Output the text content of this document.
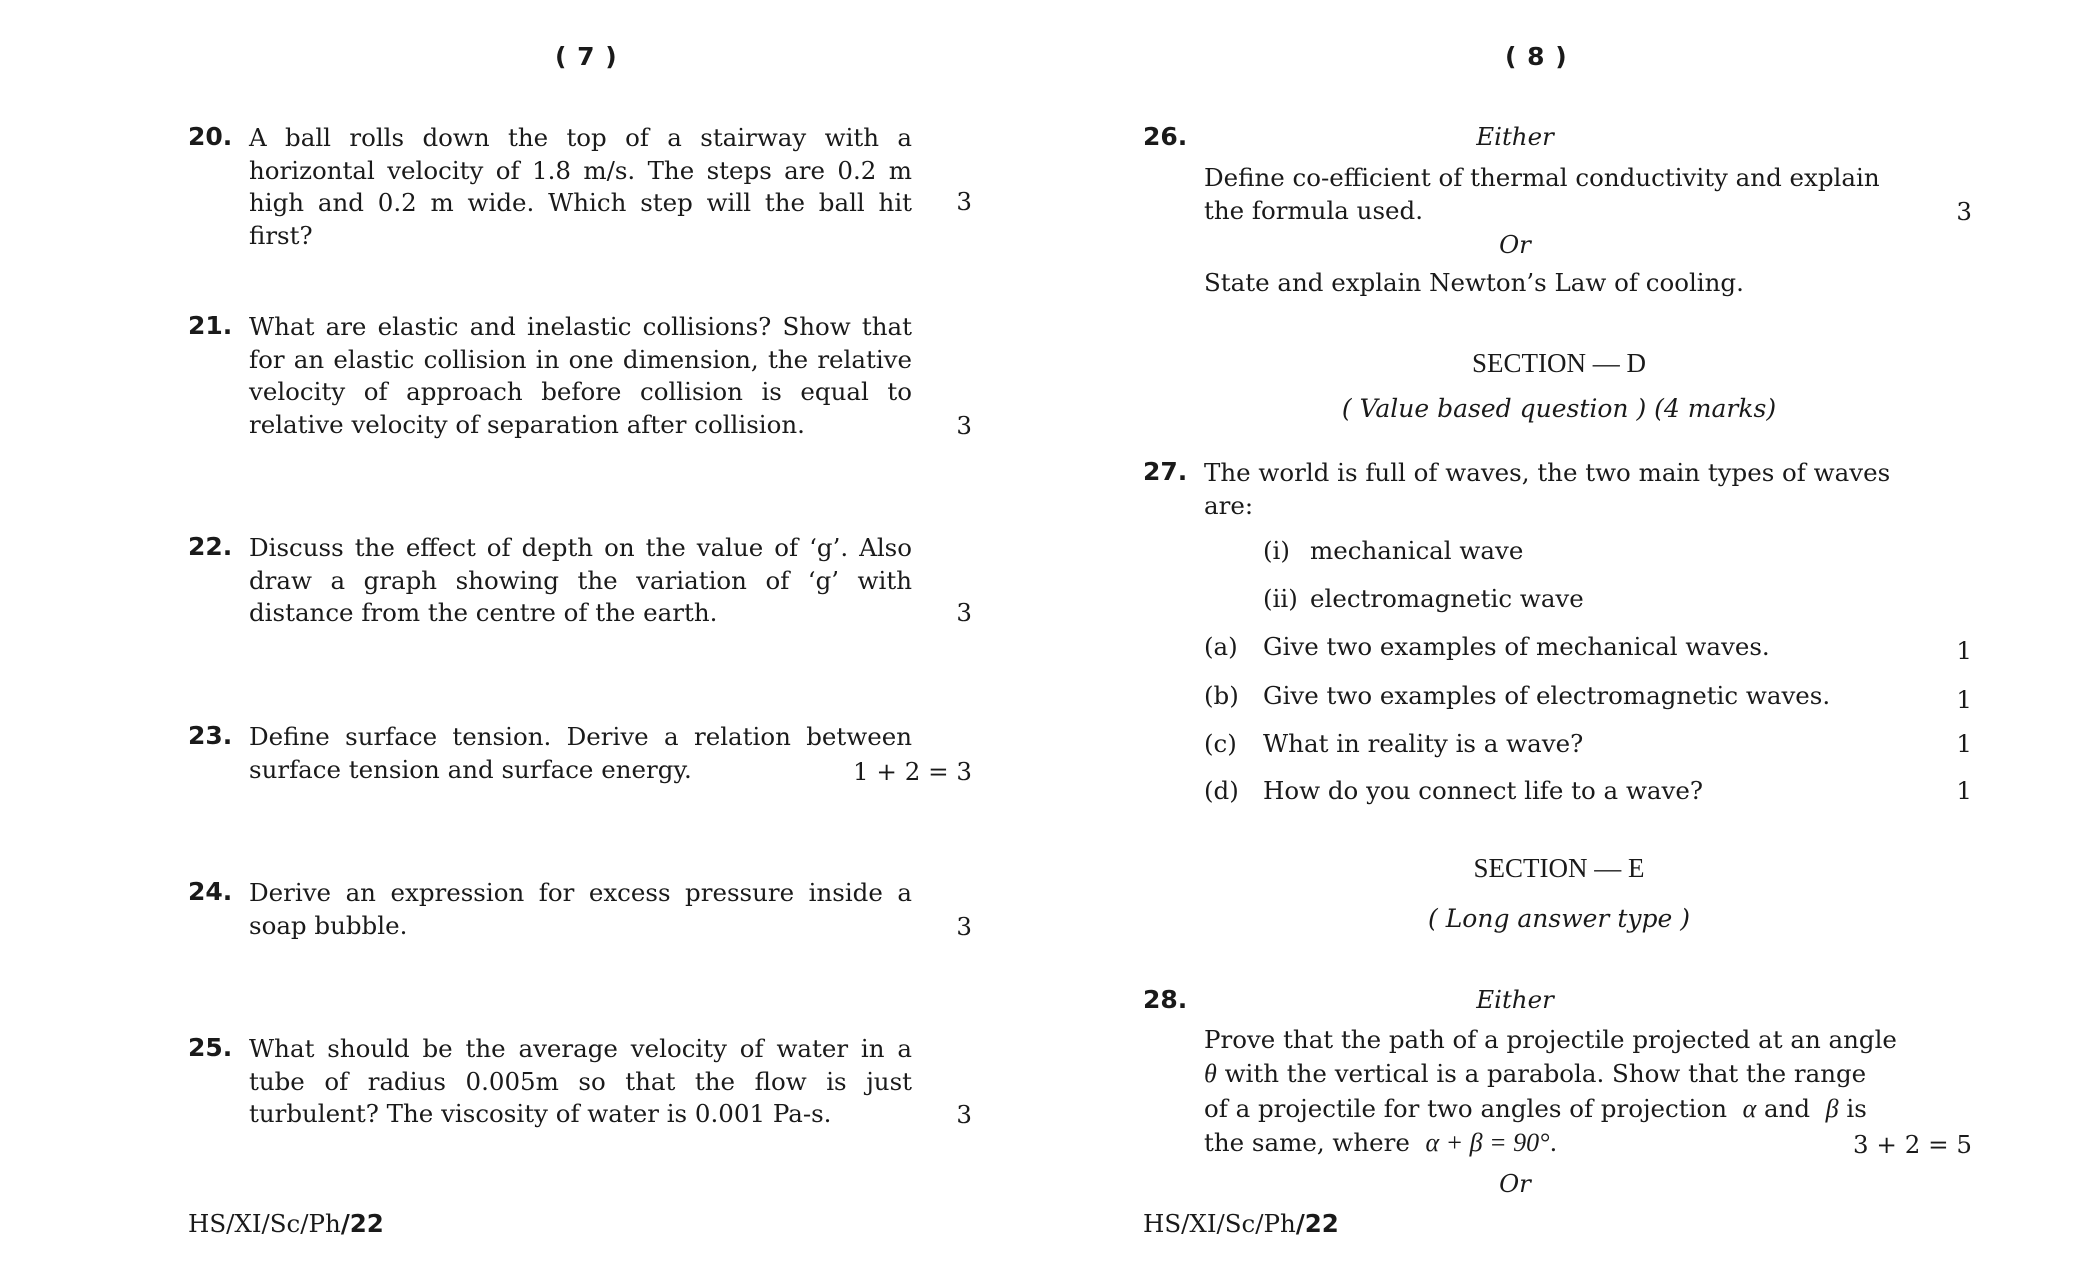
( 7 )
20. A ball rolls down the top of a stairway with a horizontal velocity of 1.8 m/s. The steps are 0.2 m high and 0.2 m wide. Which step will the ball hit first?
3
21. What are elastic and inelastic collisions? Show that for an elastic collision in one dimension, the relative velocity of approach before collision is equal to relative velocity of separation after collision.	3
22. Discuss the effect of depth on the value of ‘g’. Also draw a graph showing the variation of ‘g’ with distance from the centre of the earth.	3
23. Define surface tension. Derive a relation between surface tension and surface energy.	1 + 2 = 3
24. Derive an expression for excess pressure inside a soap bubble.	3
25. What should be the average velocity of water in a tube of radius 0.005m so that the flow is just turbulent? The viscosity of water is 0.001 Pa-s.	3
HS/XI/Sc/Ph/22
( 8 )
26.	Either
Define co-efficient of thermal conductivity and explain the formula used.	3
Or
State and explain Newton’s Law of cooling.
SECTION — D
( Value based question ) (4 marks)
27. The world is full of waves, the two main types of waves are:
(i) mechanical wave
(ii) electromagnetic wave
(a) Give two examples of mechanical waves.	1
(b) Give two examples of electromagnetic waves.	1
(c) What in reality is a wave?	1
(d) How do you connect life to a wave?	1
SECTION — E
( Long answer type )
28.	Either
Prove that the path of a projectile projected at an angle
θ with the vertical is a parabola. Show that the range
of a projectile for two angles of projection α and β is
the same, where α + β = 90°.	3 + 2 = 5
Or
HS/XI/Sc/Ph/22
